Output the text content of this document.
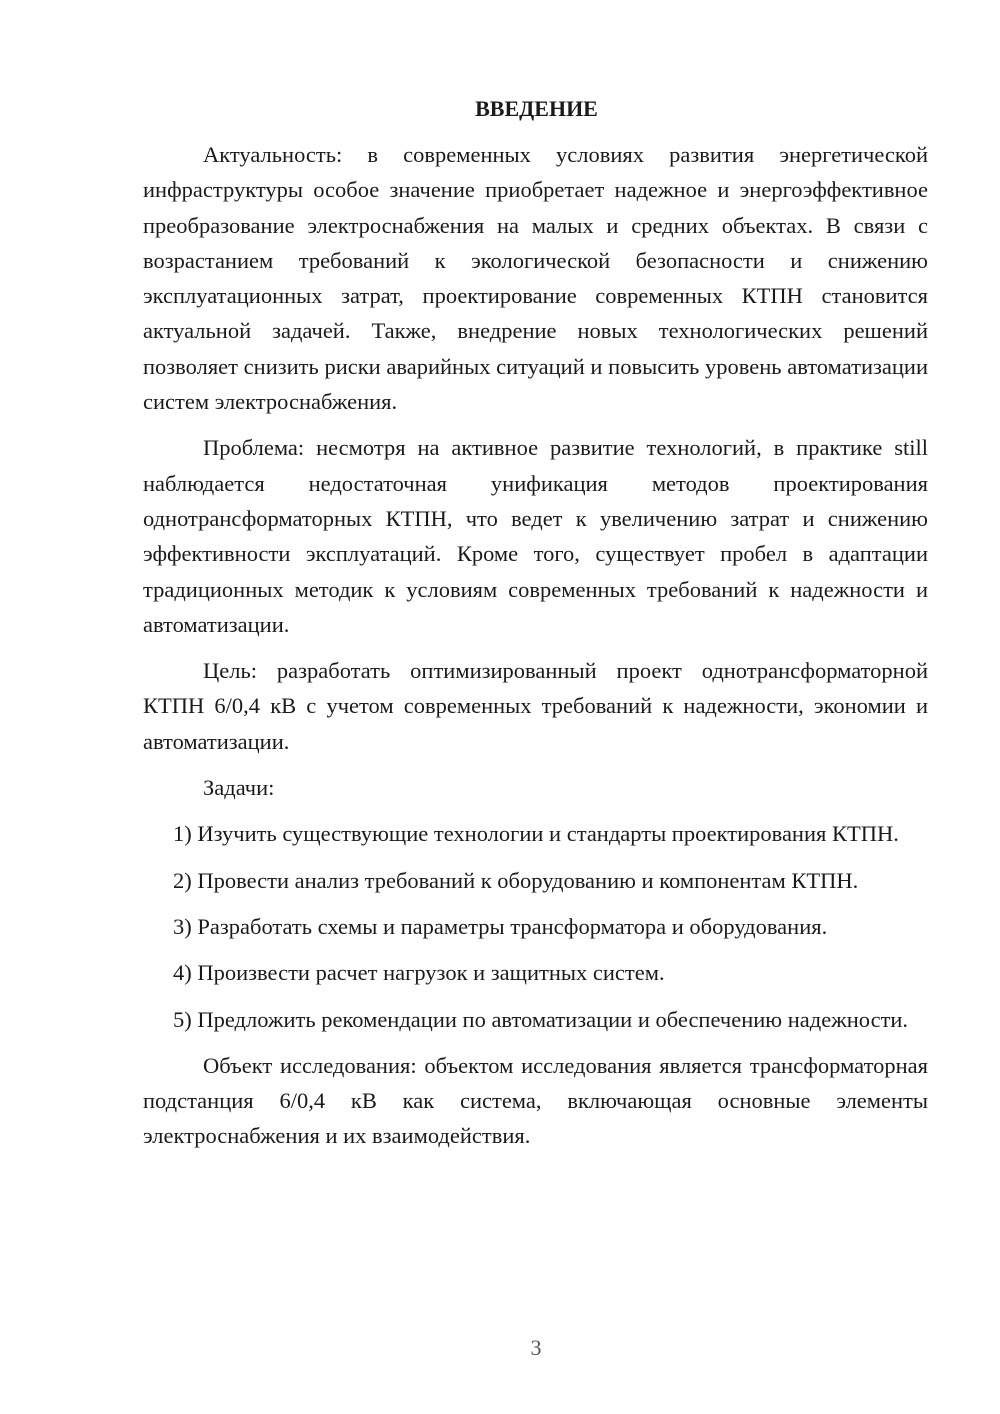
ВВЕДЕНИЕ

Актуальность: в современных условиях развития энергетической инфраструктуры особое значение приобретает надежное и энергоэффективное преобразование электроснабжения на малых и средних объектах. В связи с возрастанием требований к экологической безопасности и снижению эксплуатационных затрат, проектирование современных КТПН становится актуальной задачей. Также, внедрение новых технологических решений позволяет снизить риски аварийных ситуаций и повысить уровень автоматизации систем электроснабжения.

Проблема: несмотря на активное развитие технологий, в практике still наблюдается недостаточная унификация методов проектирования однотрансформаторных КТПН, что ведет к увеличению затрат и снижению эффективности эксплуатаций. Кроме того, существует пробел в адаптации традиционных методик к условиям современных требований к надежности и автоматизации.

Цель: разработать оптимизированный проект однотрансформаторной КТПН 6/0,4 кВ с учетом современных требований к надежности, экономии и автоматизации.

Задачи:

1) Изучить существующие технологии и стандарты проектирования КТПН.

2) Провести анализ требований к оборудованию и компонентам КТПН.

3) Разработать схемы и параметры трансформатора и оборудования.

4) Произвести расчет нагрузок и защитных систем.

5) Предложить рекомендации по автоматизации и обеспечению надежности.

Объект исследования: объектом исследования является трансформаторная подстанция 6/0,4 кВ как система, включающая основные элементы электроснабжения и их взаимодействия.

3
